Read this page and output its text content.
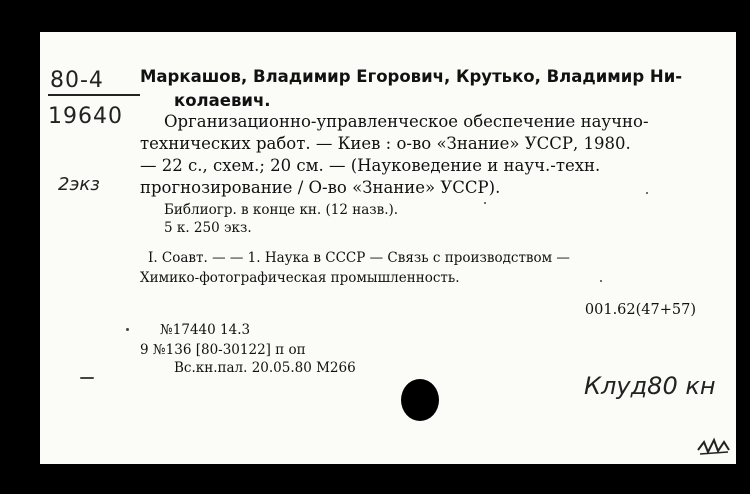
80-4
19640
2экз
Маркашов, Владимир Егорович, Крутько, Владимир Ни-
колаевич.
Организационно-управленческое обеспечение научно-
технических работ. — Киев : о-во «Знание» УССР, 1980.
— 22 с., схем.; 20 см. — (Науковедение и науч.-техн.
прогнозирование / О-во «Знание» УССР).
Библиогр. в конце кн. (12 назв.).
5 к. 250 экз.
I. Соавт. — — 1. Наука в СССР — Связь с производством —
Химико-фотографическая промышленность.
001.62(47+57)
№17440 14.3
9 №136 [80-30122] п оп
Вс.кн.пал. 20.05.80 М266
Клуд80 кн
